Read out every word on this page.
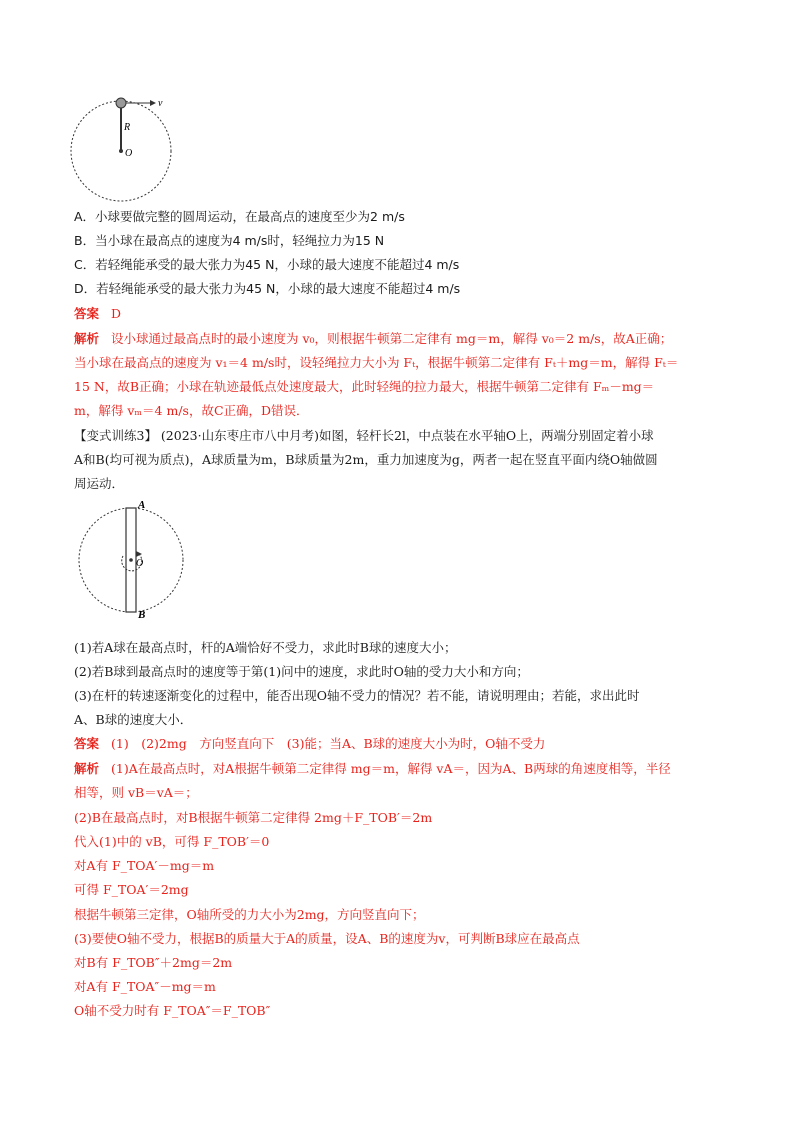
v
R
O
A．小球要做完整的圆周运动，在最高点的速度至少为2 m/s
B．当小球在最高点的速度为4 m/s时，轻绳拉力为15 N
C．若轻绳能承受的最大张力为45 N，小球的最大速度不能超过4 m/s
D．若轻绳能承受的最大张力为45 N，小球的最大速度不能超过4 m/s
答案 D
解析 设小球通过最高点时的最小速度为 v₀，则根据牛顿第二定律有 mg＝m，解得 v₀＝2 m/s，故A正确；
当小球在最高点的速度为 v₁＝4 m/s时，设轻绳拉力大小为 Fₜ，根据牛顿第二定律有 Fₜ＋mg＝m，解得 Fₜ＝
15 N，故B正确；小球在轨迹最低点处速度最大，此时轻绳的拉力最大，根据牛顿第二定律有 Fₘ－mg＝
m，解得 vₘ＝4 m/s，故C正确，D错误．
【变式训练3】 (2023·山东枣庄市八中月考)如图，轻杆长2l，中点装在水平轴O上，两端分别固定着小球
A和B(均可视为质点)，A球质量为m，B球质量为2m，重力加速度为g，两者一起在竖直平面内绕O轴做圆
周运动．
A
B
O
(1)若A球在最高点时，杆的A端恰好不受力，求此时B球的速度大小；
(2)若B球到最高点时的速度等于第(1)问中的速度，求此时O轴的受力大小和方向；
(3)在杆的转速逐渐变化的过程中，能否出现O轴不受力的情况？若不能，请说明理由；若能，求出此时
A、B球的速度大小．
答案 (1)　(2)2mg　方向竖直向下　(3)能；当A、B球的速度大小为时，O轴不受力
解析 (1)A在最高点时，对A根据牛顿第二定律得 mg＝m，解得 vA＝，因为A、B两球的角速度相等，半径
相等，则 vB＝vA＝；
(2)B在最高点时，对B根据牛顿第二定律得 2mg＋F_TOB′＝2m
代入(1)中的 vB，可得 F_TOB′＝0
对A有 F_TOA′－mg＝m
可得 F_TOA′＝2mg
根据牛顿第三定律，O轴所受的力大小为2mg，方向竖直向下；
(3)要使O轴不受力，根据B的质量大于A的质量，设A、B的速度为v，可判断B球应在最高点
对B有 F_TOB″＋2mg＝2m
对A有 F_TOA″－mg＝m
O轴不受力时有 F_TOA″＝F_TOB″
